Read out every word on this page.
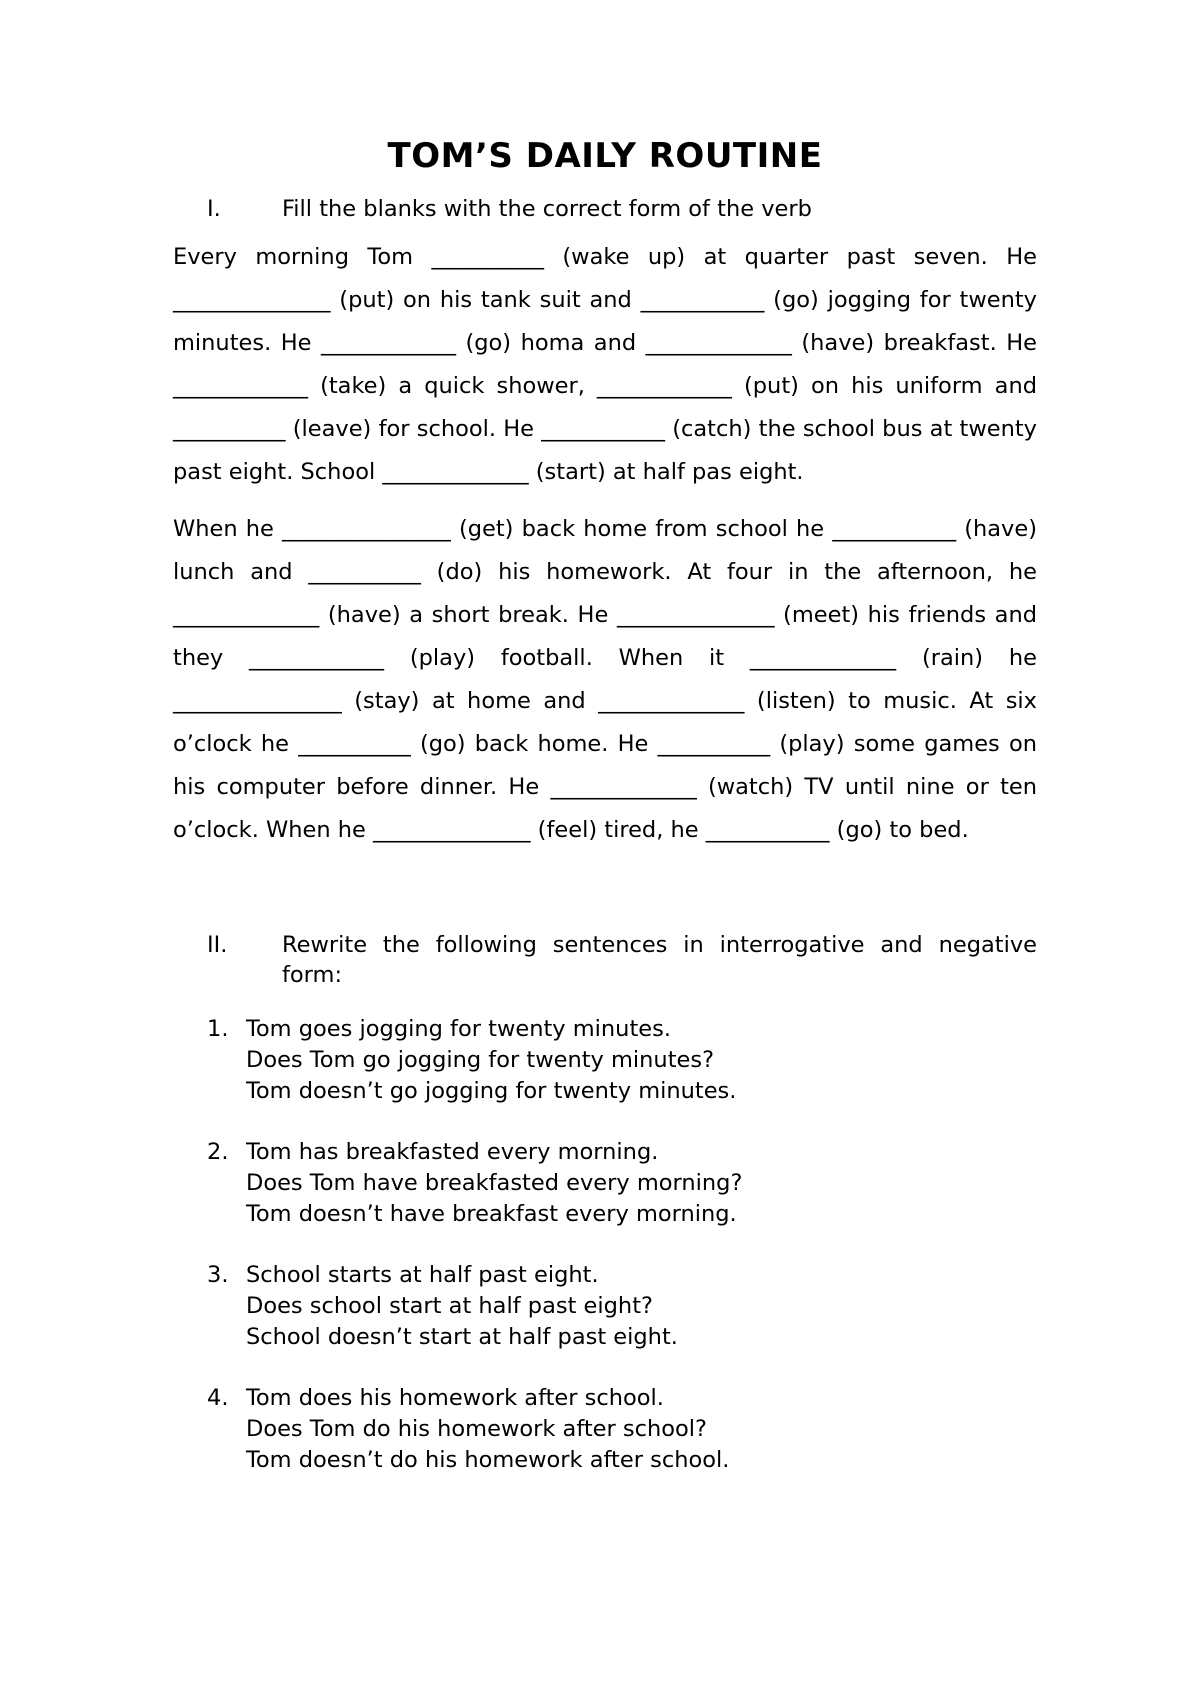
TOM’S DAILY ROUTINE
I.	Fill the blanks with the correct form of the verb

Every morning Tom __________ (wake up) at quarter past seven. He ______________ (put) on his tank suit and ___________ (go) jogging for twenty minutes. He ____________ (go) homa and _____________ (have) breakfast. He ____________ (take) a quick shower, ____________ (put) on his uniform and __________ (leave) for school. He ___________ (catch) the school bus at twenty past eight. School _____________ (start) at half pas eight.

When he _______________ (get) back home from school he ___________ (have) lunch and __________ (do) his homework. At four in the afternoon, he _____________ (have) a short break. He ______________ (meet) his friends and they ____________ (play) football. When it _____________ (rain) he _______________ (stay) at home and _____________ (listen) to music. At six o’clock he __________ (go) back home. He __________ (play) some games on his computer before dinner. He _____________ (watch) TV until nine or ten o’clock. When he ______________ (feel) tired, he ___________ (go) to bed.

II.	Rewrite the following sentences in interrogative and negative form:
1. Tom goes jogging for twenty minutes.
Does Tom go jogging for twenty minutes?
Tom doesn’t go jogging for twenty minutes.
2. Tom has breakfasted every morning.
Does Tom have breakfasted every morning?
Tom doesn’t have breakfast every morning.
3. School starts at half past eight.
Does school start at half past eight?
School doesn’t start at half past eight.
4. Tom does his homework after school.
Does Tom do his homework after school?
Tom doesn’t do his homework after school.
